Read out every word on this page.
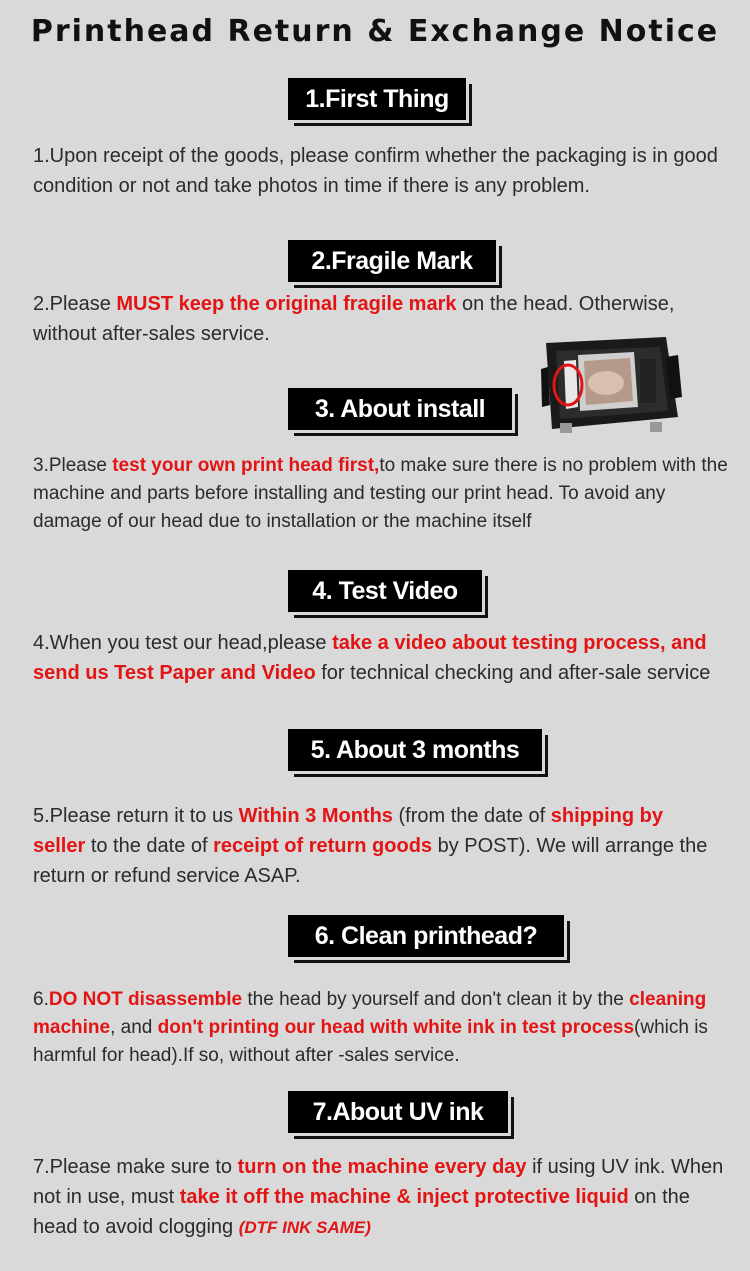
Printhead Return & Exchange Notice
1.First Thing
2.Fragile Mark
3. About install
4. Test Video
5. About 3 months
6. Clean printhead?
7.About UV ink
1.Upon receipt of the goods, please confirm whether the packaging is in good condition or not and take photos in time if there is any problem.
2.Please MUST keep the original fragile mark on the head. Otherwise, without after-sales service.
3.Please test your own print head first,to make sure there is no problem with the machine and parts before installing and testing our print head. To avoid any damage of our head due to installation or the machine itself
4.When you test our head,please take a video about testing process, and send us Test Paper and Video for technical checking and after-sale service
5.Please return it to us Within 3 Months (from the date of shipping by seller to the date of receipt of return goods by POST). We will arrange the return or refund service ASAP.
6.DO NOT disassemble the head by yourself and don't clean it by the cleaning machine, and don't printing our head with white ink in test process(which is harmful for head).If so, without after -sales service.
7.Please make sure to turn on the machine every day if using UV ink. When not in use, must take it off the machine & inject protective liquid on the head to avoid clogging (DTF INK SAME)
